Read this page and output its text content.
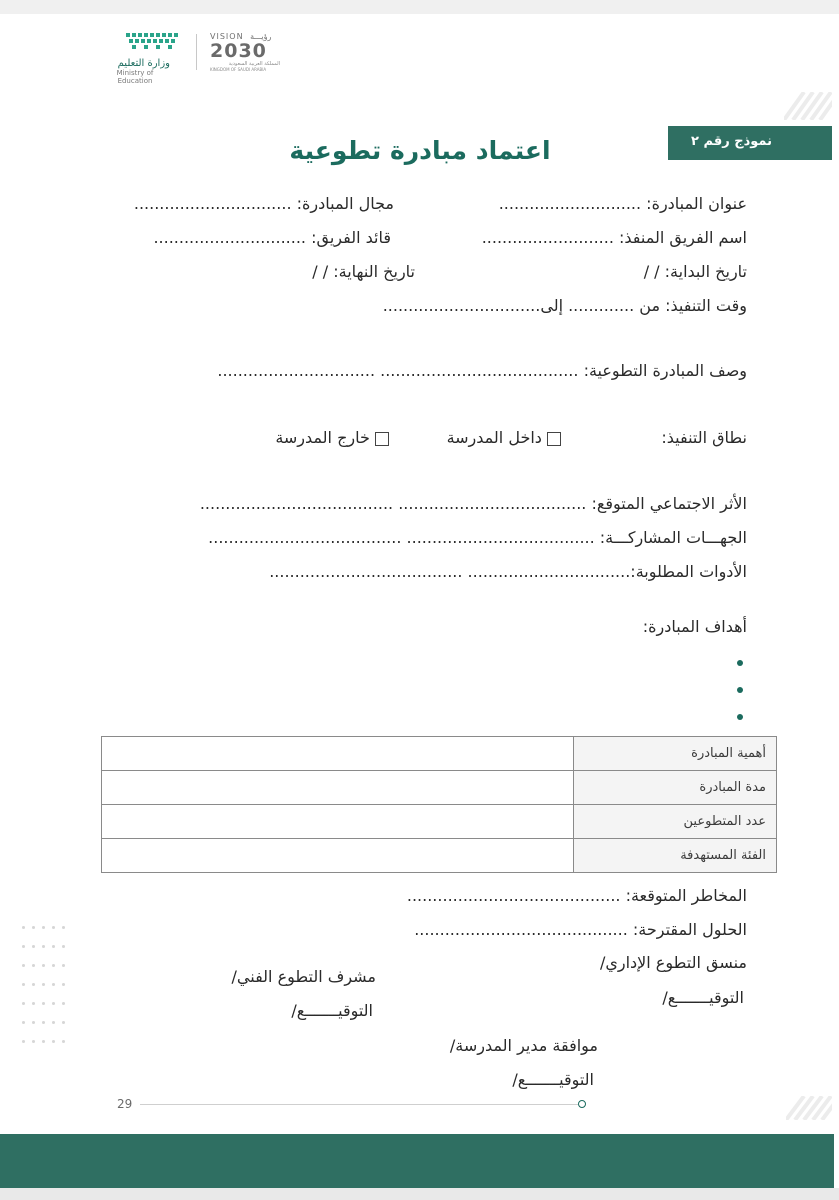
وزارة التعليم
Ministry of Education
VISION رؤيـــة
2030
المملكة العربية السعودية
KINGDOM OF SAUDI ARABIA
نموذج رقم ٢
اعتماد مبادرة تطوعية
عنوان المبادرة: ............................
مجال المبادرة: ...............................
اسم الفريق المنفذ: ..........................
قائد الفريق: ..............................
تاريخ البداية: / /
تاريخ النهاية: / /
وقت التنفيذ: من ............. إلى...............................
وصف المبادرة التطوعية: ....................................... ...............................
نطاق التنفيذ:
داخل المدرسة
خارج المدرسة
الأثر الاجتماعي المتوقع: ..................................... ......................................
الجهـــات المشاركـــة: ..................................... ......................................
الأدوات المطلوبة:................................ ......................................
أهداف المبادرة:
	أهمية المبادرة
	مدة المبادرة
	عدد المتطوعين
	الفئة المستهدفة

المخاطر المتوقعة: ..........................................
الحلول المقترحة: ..........................................
منسق التطوع الإداري/
التوقيـــــــع/
مشرف التطوع الفني/
التوقيـــــــع/
موافقة مدير المدرسة/
التوقيـــــــع/
29
